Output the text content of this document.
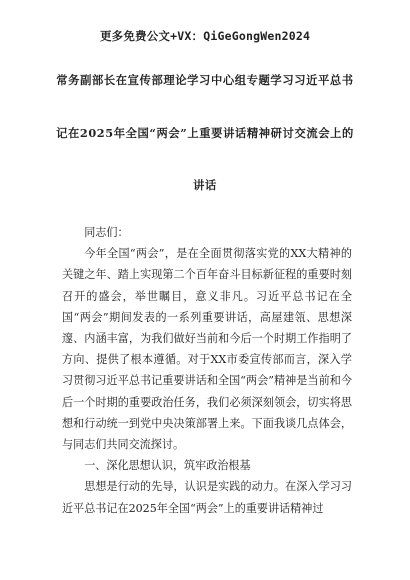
更多免费公文+VX：QiGeGongWen2024
常务副部长在宣传部理论学习中心组专题学习习近平总书
记在2025年全国“两会”上重要讲话精神研讨交流会上的
讲话

同志们：

今年全国“两会”，是在全面贯彻落实党的XX大精神的关键之年、踏上实现第二个百年奋斗目标新征程的重要时刻召开的盛会，举世瞩目，意义非凡。习近平总书记在全国“两会”期间发表的一系列重要讲话，高屋建瓴、思想深邃、内涵丰富，为我们做好当前和今后一个时期工作指明了方向、提供了根本遵循。对于XX市委宣传部而言，深入学习贯彻习近平总书记重要讲话和全国“两会”精神是当前和今后一个时期的重要政治任务，我们必须深刻领会，切实将思想和行动统一到党中央决策部署上来。下面我谈几点体会，与同志们共同交流探讨。

一、深化思想认识，筑牢政治根基

思想是行动的先导，认识是实践的动力。在深入学习习近平总书记在2025年全国“两会”上的重要讲话精神过
